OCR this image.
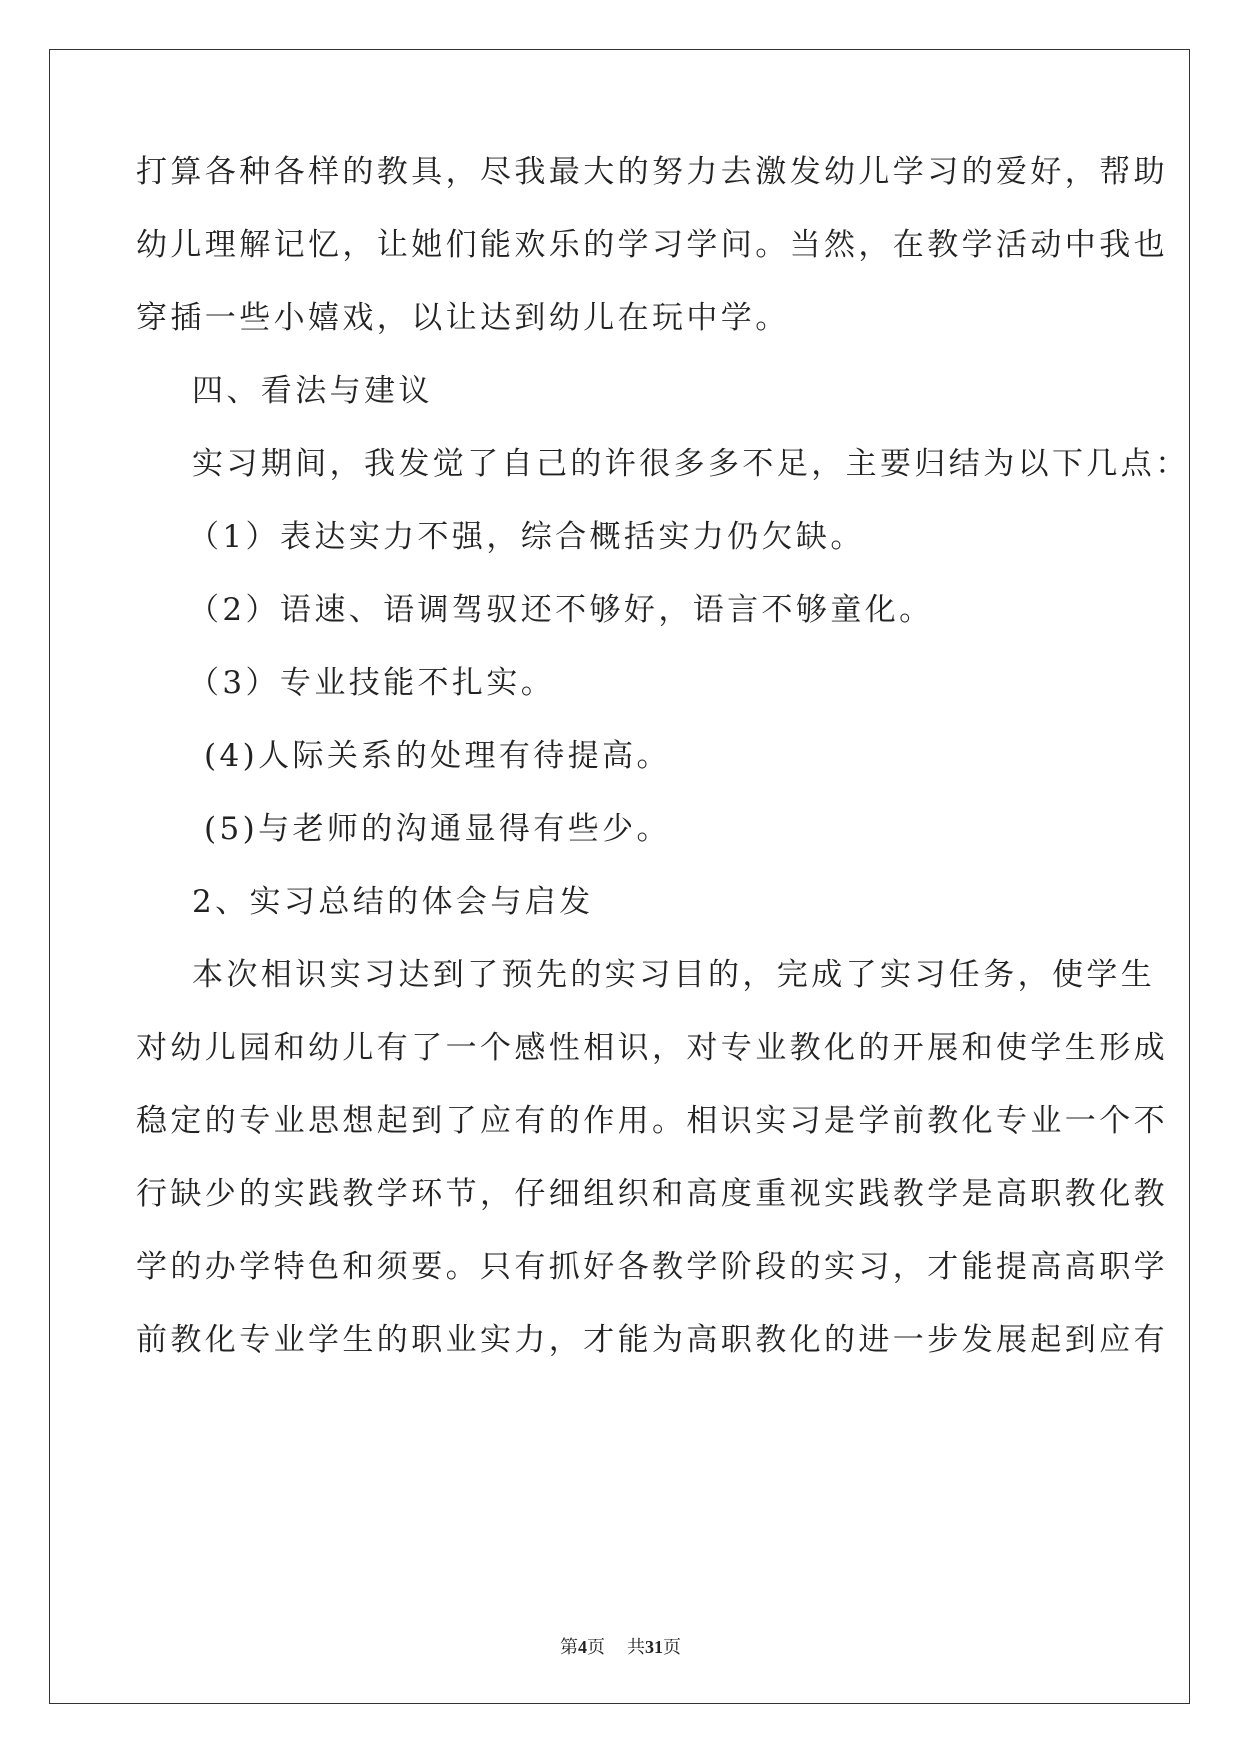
打算各种各样的教具，尽我最大的努力去激发幼儿学习的爱好，帮助
幼儿理解记忆，让她们能欢乐的学习学问。当然，在教学活动中我也
穿插一些小嬉戏，以让达到幼儿在玩中学。
四、看法与建议
实习期间，我发觉了自己的许很多多不足，主要归结为以下几点：
（1）表达实力不强，综合概括实力仍欠缺。
（2）语速、语调驾驭还不够好，语言不够童化。
（3）专业技能不扎实。
(4)人际关系的处理有待提高。
(5)与老师的沟通显得有些少。
2、实习总结的体会与启发
本次相识实习达到了预先的实习目的，完成了实习任务，使学生
对幼儿园和幼儿有了一个感性相识，对专业教化的开展和使学生形成
稳定的专业思想起到了应有的作用。相识实习是学前教化专业一个不
行缺少的实践教学环节，仔细组织和高度重视实践教学是高职教化教
学的办学特色和须要。只有抓好各教学阶段的实习，才能提高高职学
前教化专业学生的职业实力，才能为高职教化的进一步发展起到应有
第4页 共31页
